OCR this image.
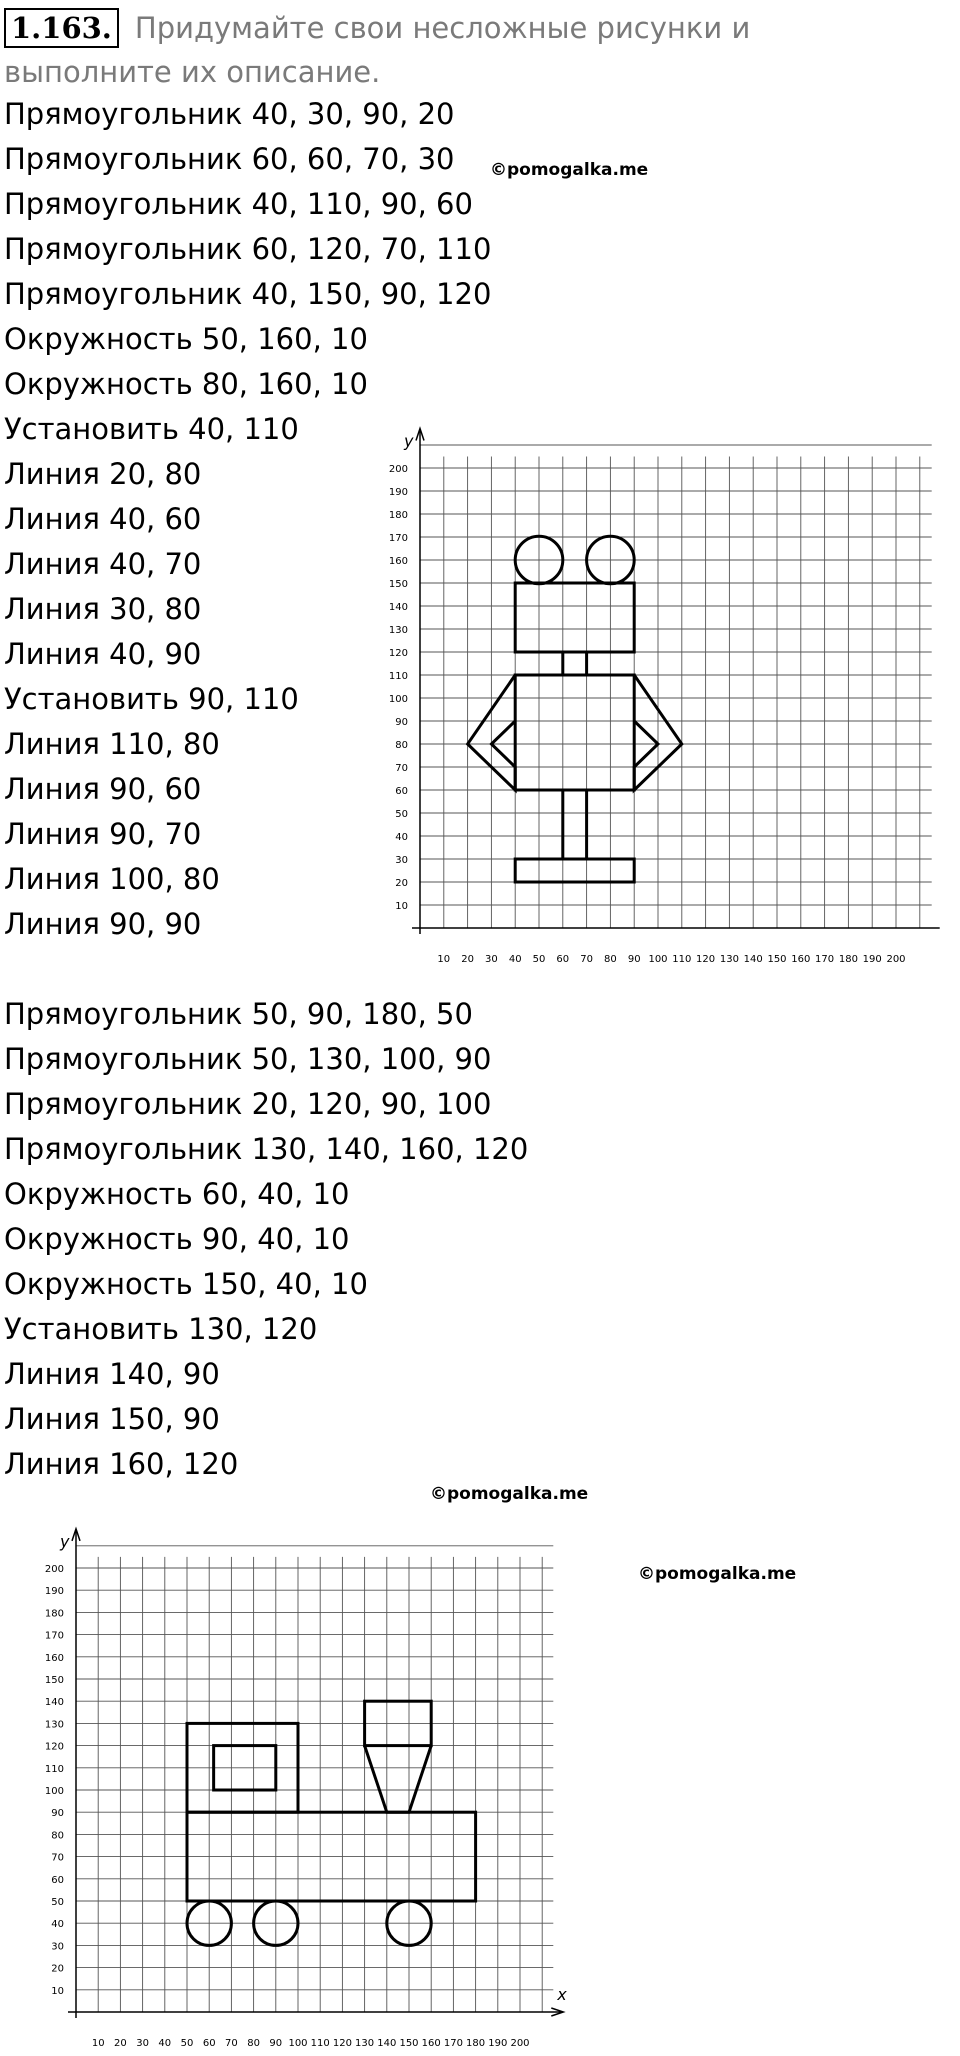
1.163. Придумайте свои несложные рисунки и
выполните их описание.
Прямоугольник 40, 30, 90, 20
Прямоугольник 60, 60, 70, 30
Прямоугольник 40, 110, 90, 60
Прямоугольник 60, 120, 70, 110
Прямоугольник 40, 150, 90, 120
Окружность 50, 160, 10
Окружность 80, 160, 10
Установить 40, 110
Линия 20, 80
Линия 40, 60
Линия 40, 70
Линия 30, 80
Линия 40, 90
Установить 90, 110
Линия 110, 80
Линия 90, 60
Линия 90, 70
Линия 100, 80
Линия 90, 90
©pomogalka.me
y
10
10
20
20
30
30
40
40
50
50
60
60
70
70
80
80
90
90
100
100
110
110
120
120
130
130
140
140
150
150
160
160
170
170
180
180
190
190
200
200
Прямоугольник 50, 90, 180, 50
Прямоугольник 50, 130, 100, 90
Прямоугольник 20, 120, 90, 100
Прямоугольник 130, 140, 160, 120
Окружность 60, 40, 10
Окружность 90, 40, 10
Окружность 150, 40, 10
Установить 130, 120
Линия 140, 90
Линия 150, 90
Линия 160, 120
©pomogalka.me
©pomogalka.me
x
y
10
10
20
20
30
30
40
40
50
50
60
60
70
70
80
80
90
90
100
100
110
110
120
120
130
130
140
140
150
150
160
160
170
170
180
180
190
190
200
200
